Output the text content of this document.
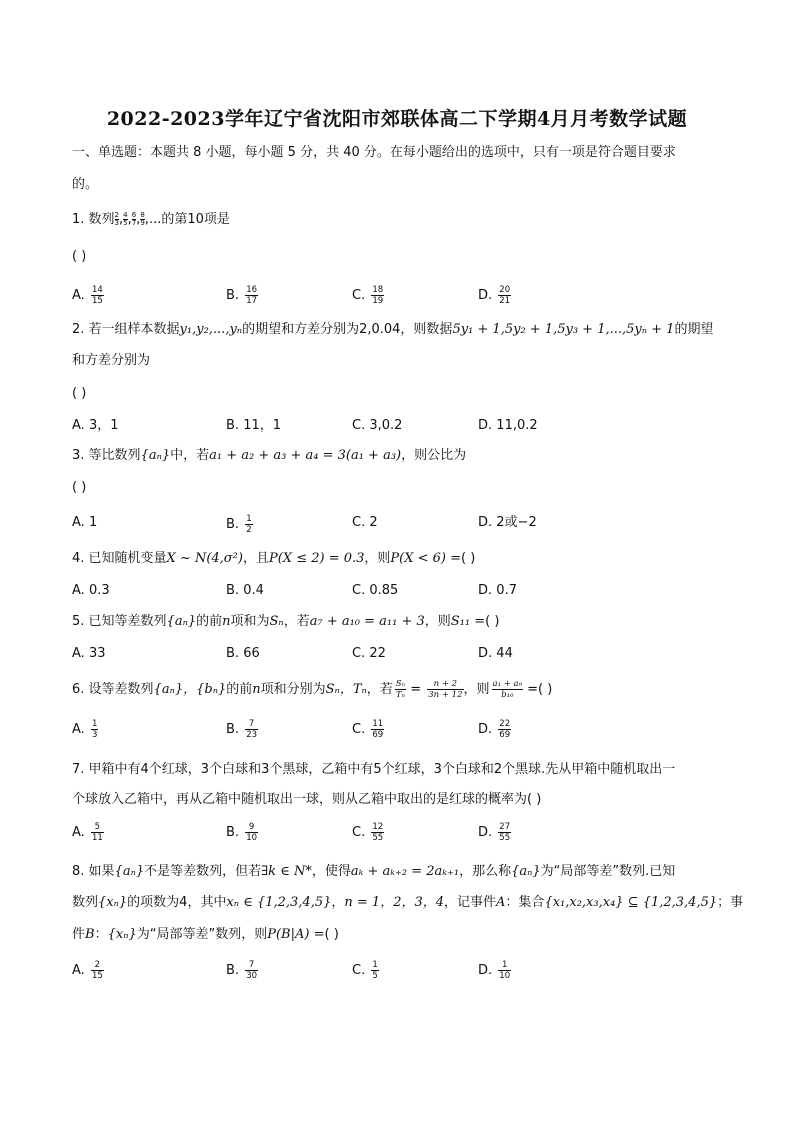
2022-2023学年辽宁省沈阳市郊联体高二下学期4月月考数学试题
一、单选题：本题共 8 小题，每小题 5 分，共 40 分。在每小题给出的选项中，只有一项是符合题目要求
的。
1. 数列 $\frac{2}{3}$ , $\frac{4}{5}$ , $\frac{6}{7}$ , $\frac{8}{9}$ ,...的第10项是
( )
A. $\frac{14}{15}$	B. $\frac{16}{17}$	C. $\frac{18}{19}$	D. $\frac{20}{21}$
2. 若一组样本数据y₁,y₂,...,yₙ的期望和方差分别为2,0.04，则数据5y₁ + 1,5y₂ + 1,5y₃ + 1,...,5yₙ + 1的期望
和方差分别为
( )
A. 3，1	B. 11，1	C. 3,0.2	D. 11,0.2
3. 等比数列{aₙ}中，若a₁ + a₂ + a₃ + a₄ = 3(a₁ + a₃)，则公比为
( )
A. 1	B. $\frac{1}{2}$	C. 2	D. 2或−2
4. 已知随机变量X ~ N(4,σ²)，且P(X ≤ 2) = 0.3，则P(X < 6) =( )
A. 0.3	B. 0.4	C. 0.85	D. 0.7
5. 已知等差数列{aₙ}的前n项和为Sₙ，若a₇ + a₁₀ = a₁₁ + 3，则S₁₁ =( )
A. 33	B. 66	C. 22	D. 44
6. 设等差数列{aₙ}，{bₙ}的前n项和分别为Sₙ，Tₙ，若 $\frac{\text{Sₙ}}{\text{Tₙ}} = \frac{n + 2}{3n + 12}$ ，则 $\frac{\text{a₁ + a₉}}{\text{b₁₀}}$ =( )
A. $\frac{1}{3}$	B. $\frac{7}{23}$	C. $\frac{11}{69}$	D. $\frac{22}{69}$
7. 甲箱中有4个红球，3个白球和3个黑球，乙箱中有5个红球，3个白球和2个黑球.先从甲箱中随机取出一
个球放入乙箱中，再从乙箱中随机取出一球，则从乙箱中取出的是红球的概率为( )
A. $\frac{5}{11}$	B. $\frac{9}{10}$	C. $\frac{12}{55}$	D. $\frac{27}{55}$
8. 如果{aₙ}不是等差数列，但若∃k ∈ N*，使得aₖ + aₖ₊₂ = 2aₖ₊₁，那么称{aₙ}为“局部等差”数列.已知
数列{xₙ}的项数为4，其中xₙ ∈ {1,2,3,4,5}，n = 1，2，3，4，记事件A：集合{x₁,x₂,x₃,x₄} ⊆ {1,2,3,4,5}；事
件B：{xₙ}为“局部等差”数列，则P(B|A) =( )
A. $\frac{2}{15}$	B. $\frac{7}{30}$	C. $\frac{1}{5}$	D. $\frac{1}{10}$
